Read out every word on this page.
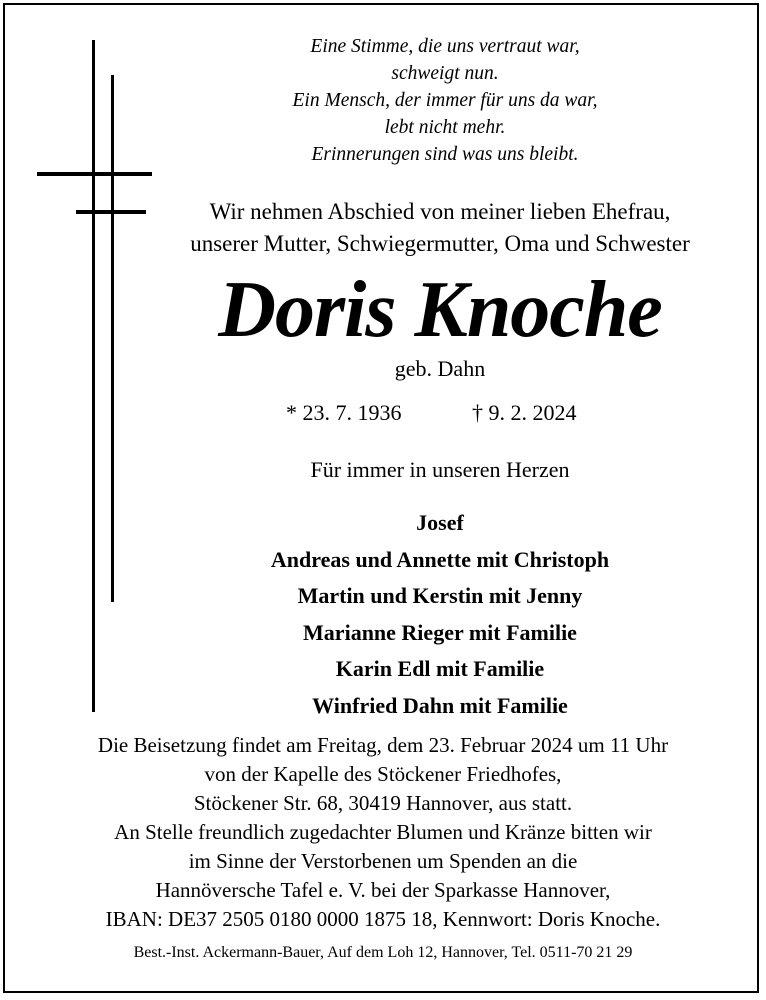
Eine Stimme, die uns vertraut war,
schweigt nun.
Ein Mensch, der immer für uns da war,
lebt nicht mehr.
Erinnerungen sind was uns bleibt.
Wir nehmen Abschied von meiner lieben Ehefrau,
unserer Mutter, Schwiegermutter, Oma und Schwester
Doris Knoche
geb. Dahn
* 23. 7. 1936	† 9. 2. 2024
Für immer in unseren Herzen
Josef
Andreas und Annette mit Christoph
Martin und Kerstin mit Jenny
Marianne Rieger mit Familie
Karin Edl mit Familie
Winfried Dahn mit Familie
Die Beisetzung findet am Freitag, dem 23. Februar 2024 um 11 Uhr
von der Kapelle des Stöckener Friedhofes,
Stöckener Str. 68, 30419 Hannover, aus statt.
An Stelle freundlich zugedachter Blumen und Kränze bitten wir
im Sinne der Verstorbenen um Spenden an die
Hannöversche Tafel e. V. bei der Sparkasse Hannover,
IBAN: DE37 2505 0180 0000 1875 18, Kennwort: Doris Knoche.
Best.-Inst. Ackermann-Bauer, Auf dem Loh 12, Hannover, Tel. 0511-70 21 29
